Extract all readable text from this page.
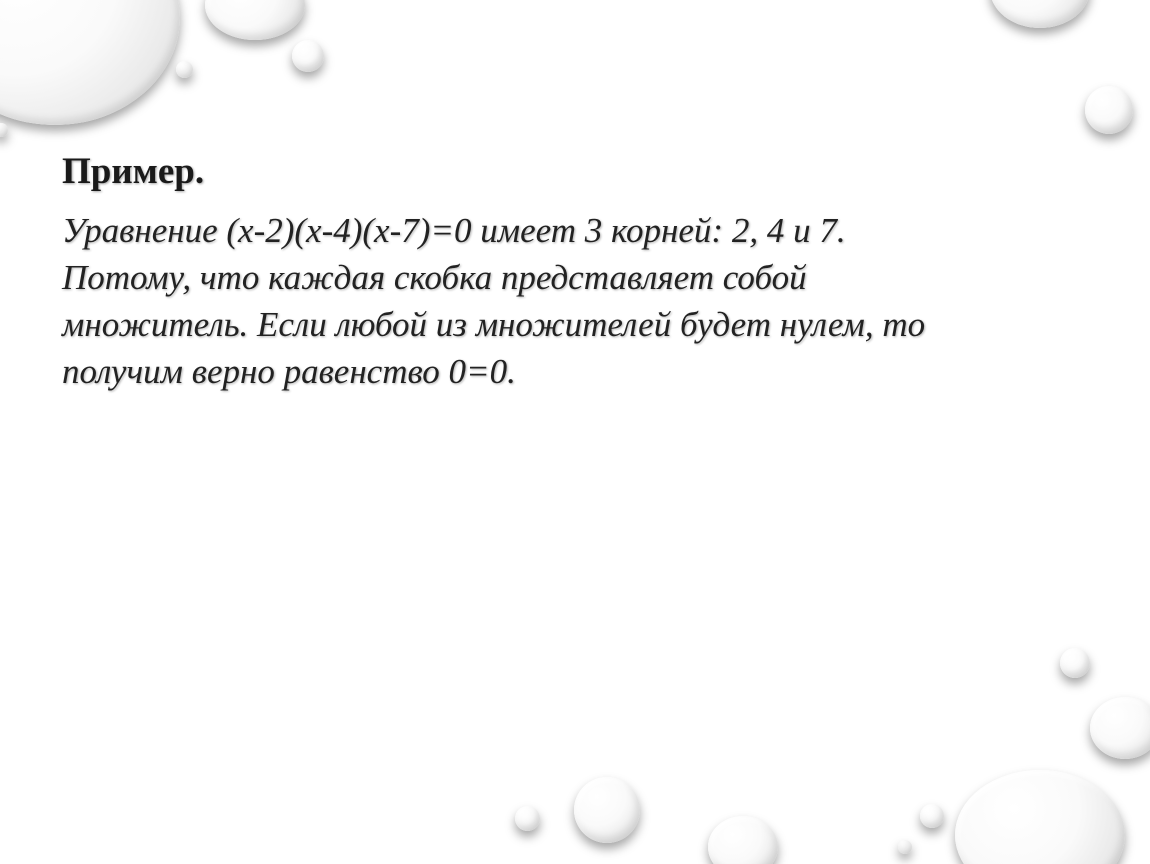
Пример.

Уравнение (x-2)(x-4)(x-7)=0 имеет 3 корней: 2, 4 и 7.
Потому, что каждая скобка представляет собой
множитель. Если любой из множителей будет нулем, то
получим верно равенство 0=0.
